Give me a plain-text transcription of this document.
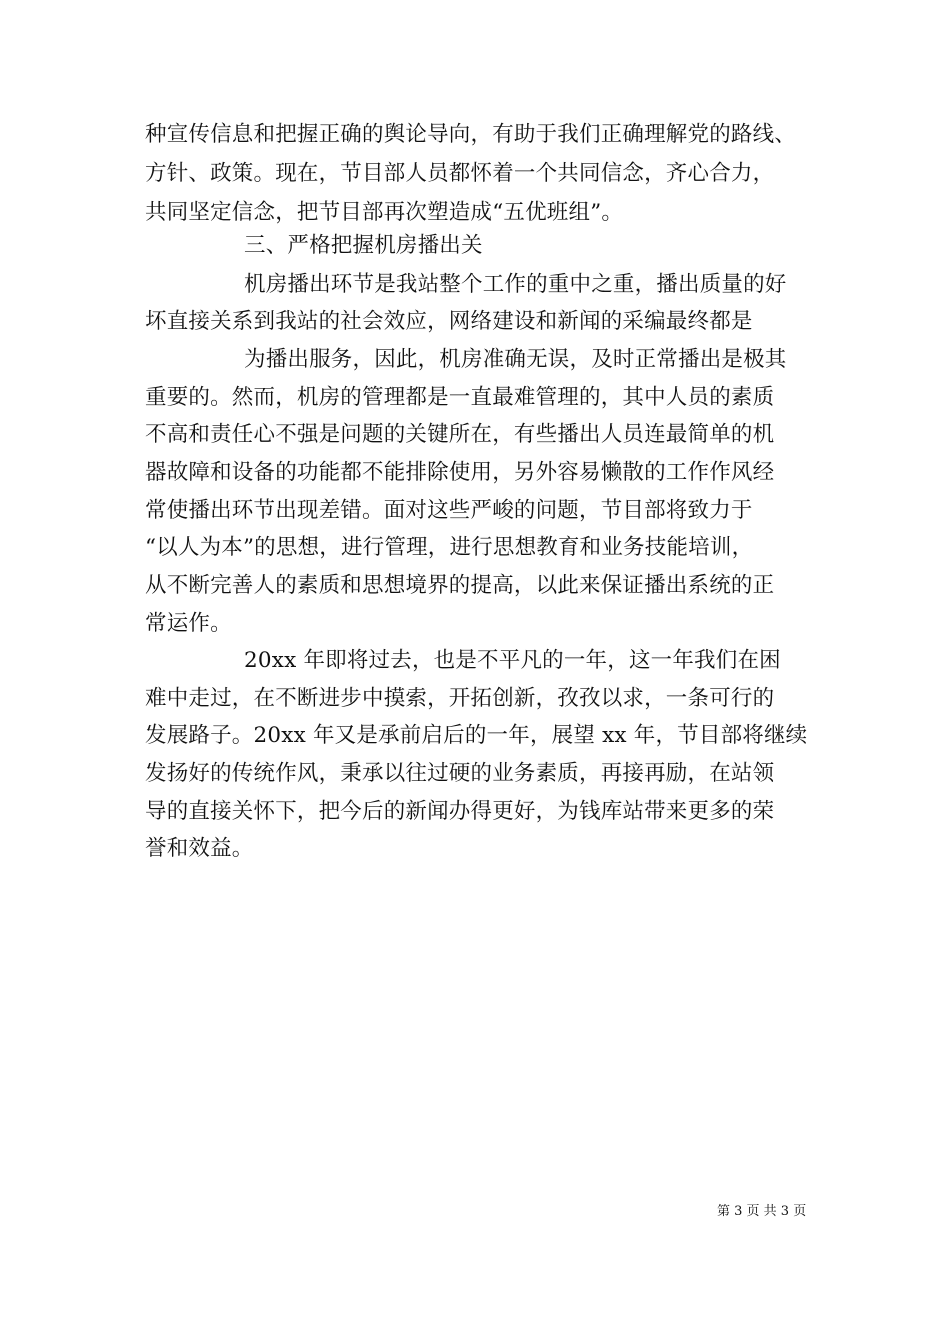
种宣传信息和把握正确的舆论导向，有助于我们正确理解党的路线、
方针、政策。现在，节目部人员都怀着一个共同信念，齐心合力，
共同坚定信念，把节目部再次塑造成“五优班组”。
三、严格把握机房播出关
机房播出环节是我站整个工作的重中之重，播出质量的好
坏直接关系到我站的社会效应，网络建设和新闻的采编最终都是
为播出服务，因此，机房准确无误，及时正常播出是极其
重要的。然而，机房的管理都是一直最难管理的，其中人员的素质
不高和责任心不强是问题的关键所在，有些播出人员连最简单的机
器故障和设备的功能都不能排除使用，另外容易懒散的工作作风经
常使播出环节出现差错。面对这些严峻的问题，节目部将致力于
“以人为本”的思想，进行管理，进行思想教育和业务技能培训，
从不断完善人的素质和思想境界的提高，以此来保证播出系统的正
常运作。
20xx 年即将过去，也是不平凡的一年，这一年我们在困
难中走过，在不断进步中摸索，开拓创新，孜孜以求，一条可行的
发展路子。20xx 年又是承前启后的一年，展望 xx 年，节目部将继续
发扬好的传统作风，秉承以往过硬的业务素质，再接再励，在站领
导的直接关怀下，把今后的新闻办得更好，为钱库站带来更多的荣
誉和效益。
第 3 页 共 3 页
